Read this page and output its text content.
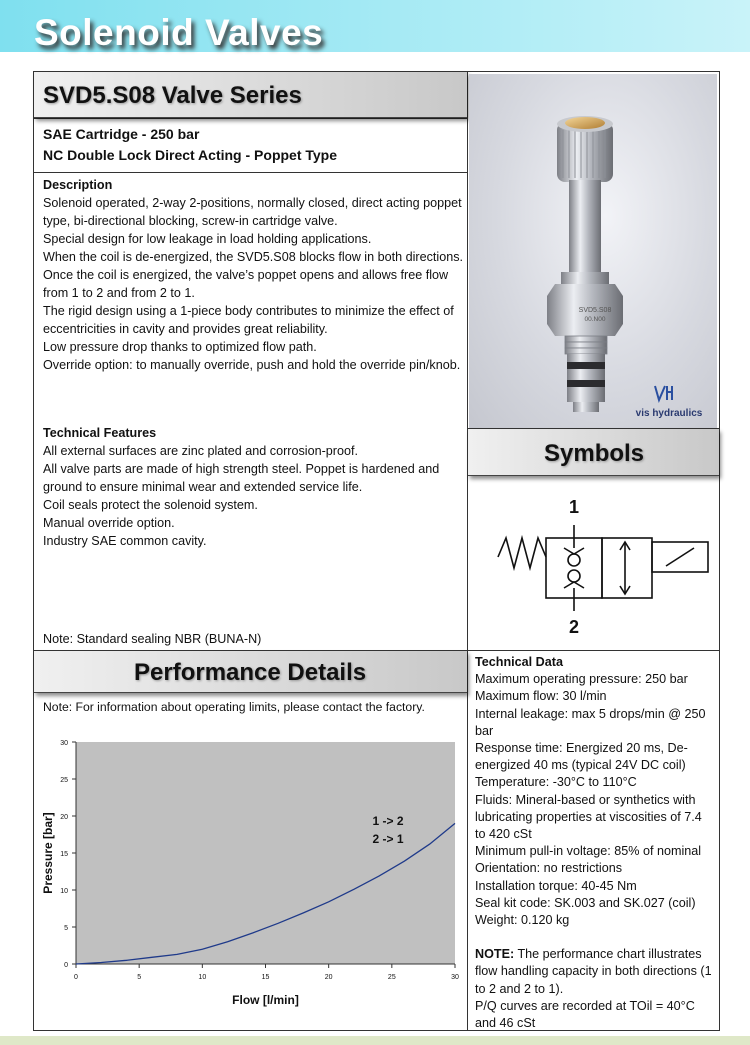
Solenoid Valves
SVD5.S08 Valve Series

SAE Cartridge - 250 bar

NC Double Lock Direct Acting - Poppet Type

Description

Solenoid operated, 2-way 2-positions, normally closed, direct acting poppet type, bi-directional blocking, screw-in cartridge valve.

Special design for low leakage in load holding applications.

When the coil is de-energized, the SVD5.S08 blocks flow in both directions. Once the coil is energized, the valve’s poppet opens and allows free flow from 1 to 2 and from 2 to 1.

The rigid design using a 1-piece body contributes to minimize the effect of eccentricities in cavity and provides great reliability.

Low pressure drop thanks to optimized flow path.

Override option: to manually override, push and hold the override pin/knob.

Technical Features

All external surfaces are zinc plated and corrosion-proof.

All valve parts are made of high strength steel. Poppet is hardened and ground to ensure minimal wear and extended service life.

Coil seals protect the solenoid system.

Manual override option.

Industry SAE common cavity.

Note: Standard sealing NBR (BUNA-N)
SVD5.S08
00.N00
vis hydraulics
Symbols
1
2
Performance Details
Note: For information about operating limits, please contact the factory.
0	5	10	15	20	25	30
0
5
10
15
20
25
30
Flow [l/min]
Pressure [bar]	1 -> 2
2 -> 1

Technical Data

Maximum operating pressure: 250 bar

Maximum flow: 30 l/min

Internal leakage: max 5 drops/min @ 250 bar

Response time: Energized 20 ms, De-energized 40 ms (typical 24V DC coil)

Temperature: -30°C to 110°C

Fluids: Mineral-based or synthetics with lubricating properties at viscosities of 7.4 to 420 cSt

Minimum pull-in voltage: 85% of nominal

Orientation: no restrictions

Installation torque: 40-45 Nm

Seal kit code: SK.003 and SK.027 (coil)

Weight: 0.120 kg

NOTE: The performance chart illustrates flow handling capacity in both directions (1 to 2 and 2 to 1).

P/Q curves are recorded at TOil = 40°C and 46 cSt
